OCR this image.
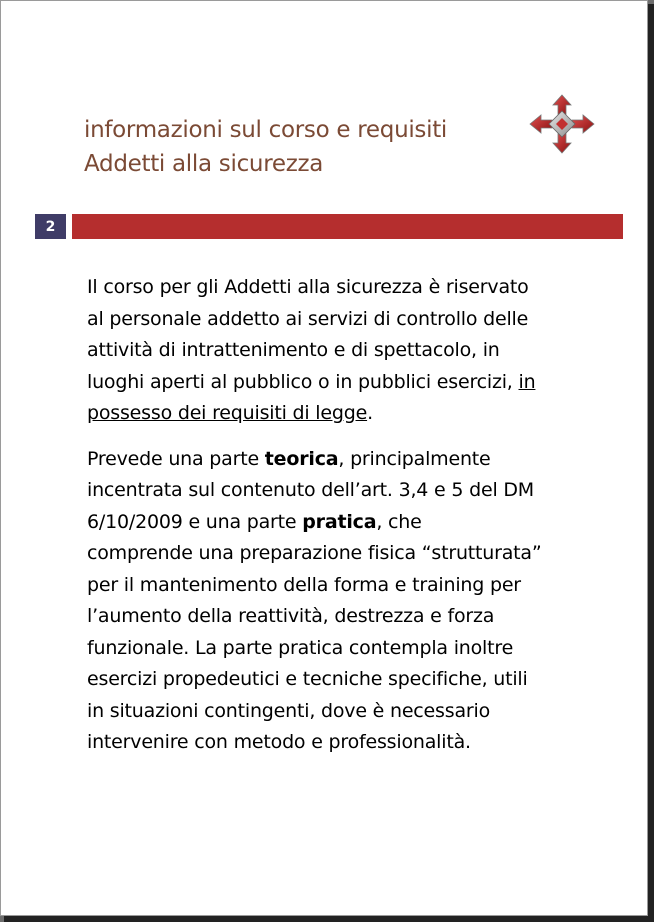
informazioni sul corso e requisiti
Addetti alla sicurezza
2

Il corso per gli Addetti alla sicurezza è riservato
al personale addetto ai servizi di controllo delle
attività di intrattenimento e di spettacolo, in
luoghi aperti al pubblico o in pubblici esercizi, in
possesso dei requisiti di legge.

Prevede una parte teorica, principalmente
incentrata sul contenuto dell’art. 3,4 e 5 del DM
6/10/2009 e una parte pratica, che
comprende una preparazione fisica “strutturata”
per il mantenimento della forma e training per
l’aumento della reattività, destrezza e forza
funzionale. La parte pratica contempla inoltre
esercizi propedeutici e tecniche specifiche, utili
in situazioni contingenti, dove è necessario
intervenire con metodo e professionalità.
